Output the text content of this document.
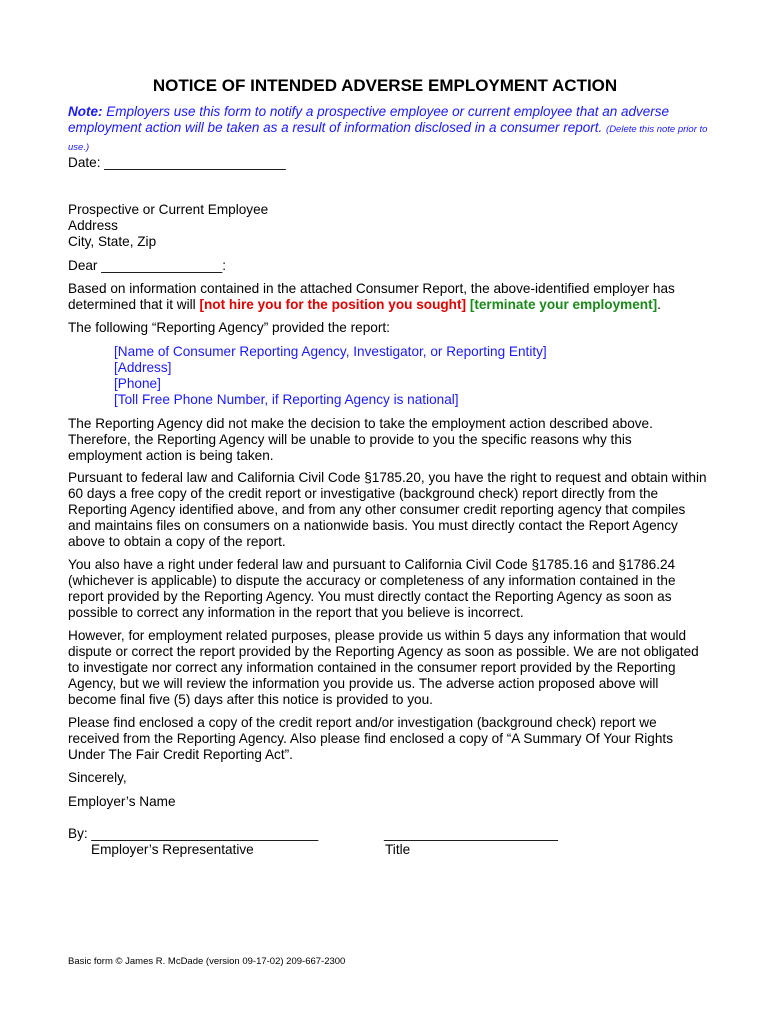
NOTICE OF INTENDED ADVERSE EMPLOYMENT ACTION
Note: Employers use this form to notify a prospective employee or current employee that an adverse employment action will be taken as a result of information disclosed in a consumer report. (Delete this note prior to use.)
Date: ________________________
Prospective or Current Employee
Address
City, State, Zip
Dear ________________:
Based on information contained in the attached Consumer Report, the above-identified employer has determined that it will [not hire you for the position you sought] [terminate your employment].
The following “Reporting Agency” provided the report:
[Name of Consumer Reporting Agency, Investigator, or Reporting Entity]
[Address]
[Phone]
[Toll Free Phone Number, if Reporting Agency is national]
The Reporting Agency did not make the decision to take the employment action described above. Therefore, the Reporting Agency will be unable to provide to you the specific reasons why this employment action is being taken.
Pursuant to federal law and California Civil Code §1785.20, you have the right to request and obtain within 60 days a free copy of the credit report or investigative (background check) report directly from the Reporting Agency identified above, and from any other consumer credit reporting agency that compiles and maintains files on consumers on a nationwide basis. You must directly contact the Report Agency above to obtain a copy of the report.
You also have a right under federal law and pursuant to California Civil Code §1785.16 and §1786.24 (whichever is applicable) to dispute the accuracy or completeness of any information contained in the report provided by the Reporting Agency. You must directly contact the Reporting Agency as soon as possible to correct any information in the report that you believe is incorrect.
However, for employment related purposes, please provide us within 5 days any information that would dispute or correct the report provided by the Reporting Agency as soon as possible. We are not obligated to investigate nor correct any information contained in the consumer report provided by the Reporting Agency, but we will review the information you provide us. The adverse action proposed above will become final five (5) days after this notice is provided to you.
Please find enclosed a copy of the credit report and/or investigation (background check) report we received from the Reporting Agency. Also please find enclosed a copy of “A Summary Of Your Rights Under The Fair Credit Reporting Act”.
Sincerely,
Employer’s Name
By: ______________________________	_______________________
Employer’s Representative	Title
Basic form © James R. McDade (version 09-17-02) 209-667-2300
